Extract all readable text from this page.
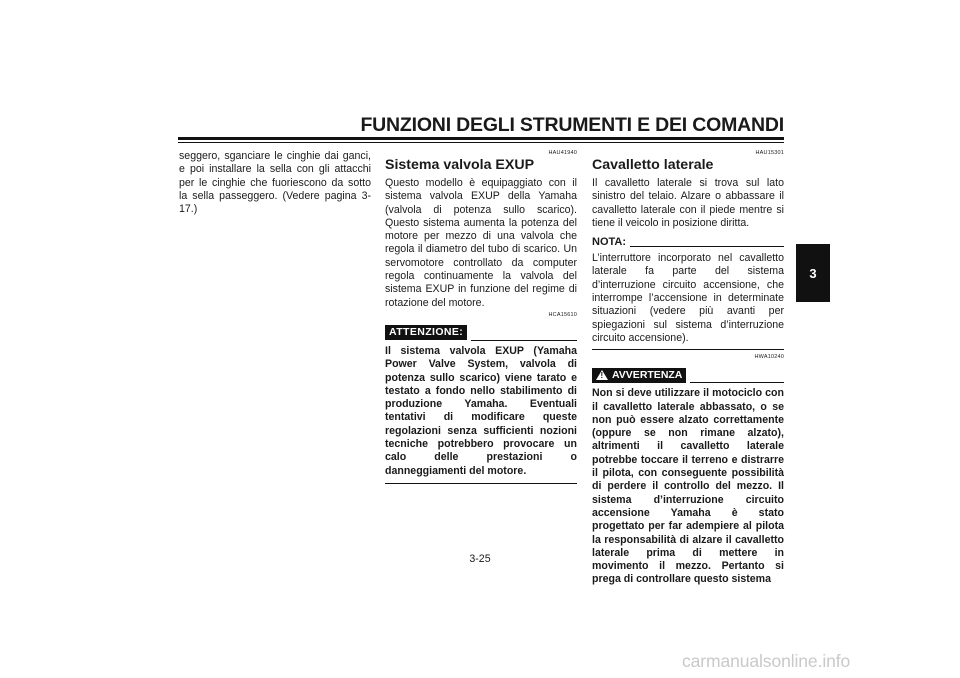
FUNZIONI DEGLI STRUMENTI E DEI COMANDI
3

seggero, sganciare le cinghie dai ganci, e poi installare la sella con gli attacchi per le cinghie che fuoriescono da sotto la sella passeggero. (Vedere pagina 3-17.)

HAU41940
Sistema valvola EXUP

Questo modello è equipaggiato con il sistema valvola EXUP della Yamaha (valvola di potenza sullo scarico). Questo sistema aumenta la potenza del motore per mezzo di una valvola che regola il diametro del tubo di scarico. Un servomotore controllato da computer regola continuamente la valvola del sistema EXUP in funzione del regime di rotazione del motore.

HCA15610
ATTENZIONE:

Il sistema valvola EXUP (Yamaha Power Valve System, valvola di potenza sullo scarico) viene tarato e testato a fondo nello stabilimento di produzione Yamaha. Eventuali tentativi di modificare queste regolazioni senza sufficienti nozioni tecniche potrebbero provocare un calo delle prestazioni o danneggiamenti del motore.

HAU15301
Cavalletto laterale

Il cavalletto laterale si trova sul lato sinistro del telaio. Alzare o abbassare il cavalletto laterale con il piede mentre si tiene il veicolo in posizione diritta.

NOTA:

L’interruttore incorporato nel cavalletto laterale fa parte del sistema d’interruzione circuito accensione, che interrompe l’accensione in determinate situazioni (vedere più avanti per spiegazioni sul sistema d’interruzione circuito accensione).

HWA10240
! AVVERTENZA

Non si deve utilizzare il motociclo con il cavalletto laterale abbassato, o se non può essere alzato correttamente (oppure se non rimane alzato), altrimenti il cavalletto laterale potrebbe toccare il terreno e distrarre il pilota, con conseguente possibilità di perdere il controllo del mezzo. Il sistema d’interruzione circuito accensione Yamaha è stato progettato per far adempiere al pilota la responsabilità di alzare il cavalletto laterale prima di mettere in movimento il mezzo. Pertanto si prega di controllare questo sistema

3-25
carmanualsonline.info
